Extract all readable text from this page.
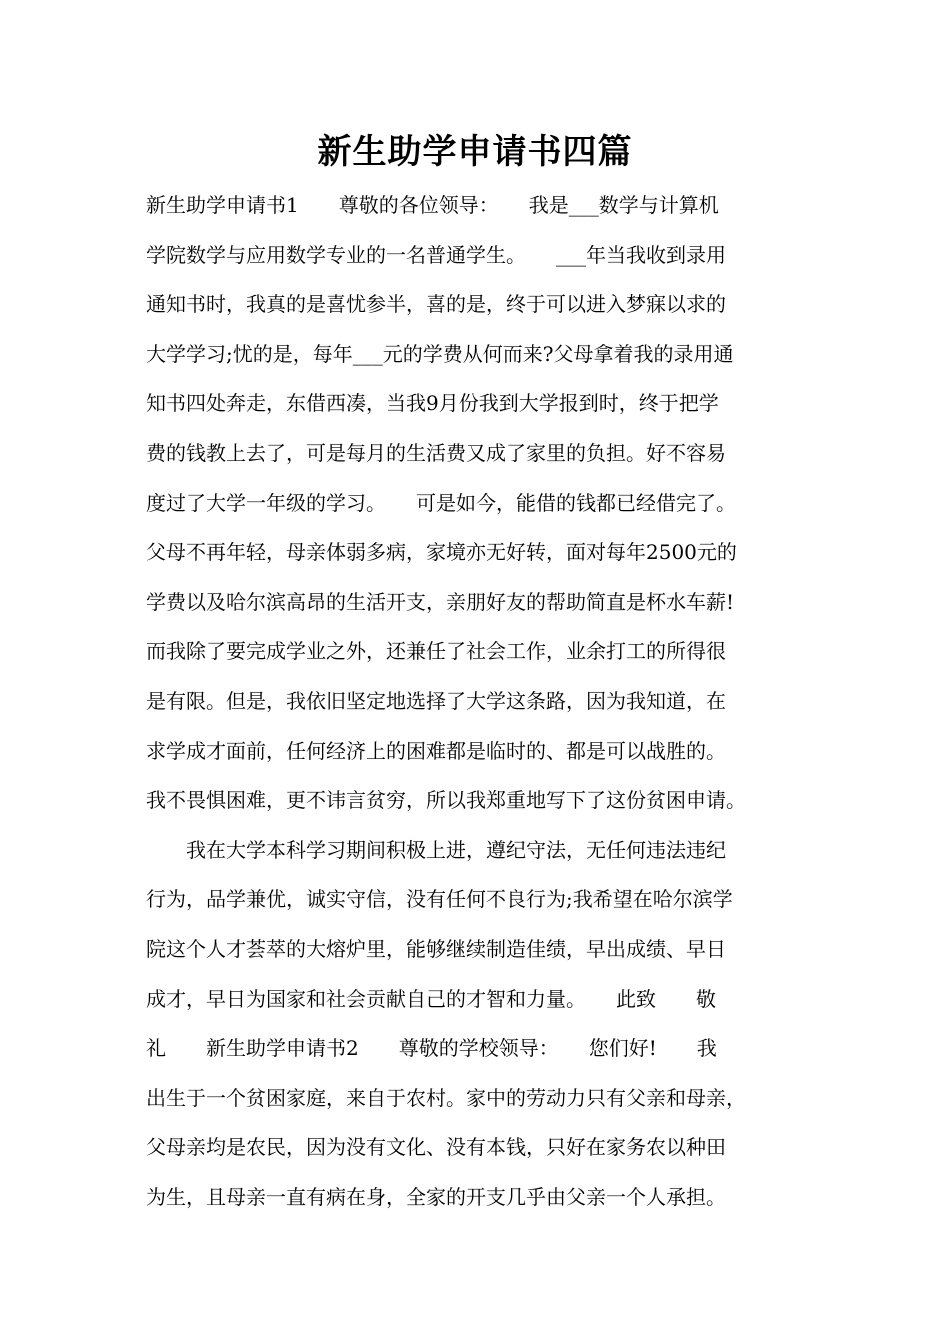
新生助学申请书四篇
新生助学申请书1　　尊敬的各位领导：　　我是___数学与计算机
学院数学与应用数学专业的一名普通学生。　　___年当我收到录用
通知书时，我真的是喜忧参半，喜的是，终于可以进入梦寐以求的
大学学习;忧的是，每年___元的学费从何而来?父母拿着我的录用通
知书四处奔走，东借西凑，当我9月份我到大学报到时，终于把学
费的钱教上去了，可是每月的生活费又成了家里的负担。好不容易
度过了大学一年级的学习。　　可是如今，能借的钱都已经借完了。
父母不再年轻，母亲体弱多病，家境亦无好转，面对每年2500元的
学费以及哈尔滨高昂的生活开支，亲朋好友的帮助简直是杯水车薪!
而我除了要完成学业之外，还兼任了社会工作，业余打工的所得很
是有限。但是，我依旧坚定地选择了大学这条路，因为我知道，在
求学成才面前，任何经济上的困难都是临时的、都是可以战胜的。
我不畏惧困难，更不讳言贫穷，所以我郑重地写下了这份贫困申请。
　　我在大学本科学习期间积极上进，遵纪守法，无任何违法违纪
行为，品学兼优，诚实守信，没有任何不良行为;我希望在哈尔滨学
院这个人才荟萃的大熔炉里，能够继续制造佳绩，早出成绩、早日
成才，早日为国家和社会贡献自己的才智和力量。　　此致　　敬
礼　　新生助学申请书2　　尊敬的学校领导：　　您们好!　　我
出生于一个贫困家庭，来自于农村。家中的劳动力只有父亲和母亲，
父母亲均是农民，因为没有文化、没有本钱，只好在家务农以种田
为生，且母亲一直有病在身，全家的开支几乎由父亲一个人承担。
